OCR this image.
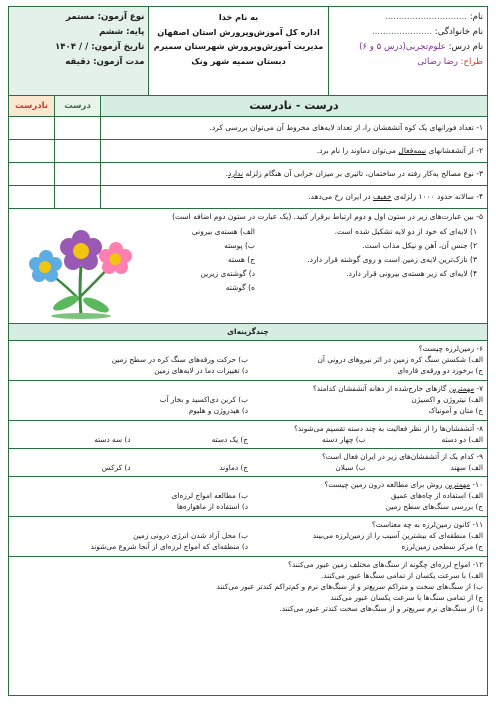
نام: ..............................
نام خانوادگی: ......................
نام درس: علوم‌تجربی(درس ۵ و ۶)
طراح: رضا رضائی
به نام خدا
اداره کل آموزش‌وپرورش استان اصفهان
مدیریت آموزش‌وپرورش شهرستان سمیرم
دبستان سمیه شهر ونک
نوع آزمون: مستمر
پایه: ششم
تاریخ آزمون: / / ۱۴۰۴
مدت آزمون: دقیقه
درست - نادرست
درست
نادرست
۱- تعداد فورانهای یک کوه آتشفشان را، از تعداد لایه‌های مخروط آن می‌توان بررسی کرد.
۲- از آتشفشانهای نیمه‌فعال می‌توان دماوند را نام برد.
۳- نوع مصالح به‌کار رفته در ساختمان، تاثیری بر میزان خرابی آن هنگام زلزله ندارد.
۴- سالانه حدود ۱۰۰۰ زلزله‌ی خفیف در ایران رخ می‌دهد.
۵- بین عبارت‌های زیر در ستون اول و دوم ارتباط برقرار کنید. (یک عبارت در ستون دوم اضافه است)
۱) لایه‌ای که خود از دو لایه تشکیل شده است.
۲) جنس آن، آهن و نیکل مذاب است.
۳) نازک‌ترین لایه‌ی زمین است و روی گوشته قرار دارد.
۴) لایه‌ای که زیر هسته‌ی بیرونی قرار دارد.
الف) هسته‌ی بیرونی
ب) پوسته
ج) هسته
د) گوشته‌ی زیرین
ه) گوشته
چندگزینه‌ای
۶- زمین‌لرزه چیست؟
الف) شکستن سنگ کره زمین در اثر نیروهای درونی آن
ب) حرکت ورقه‌های سنگ کره در سطح زمین
ج) برخورد دو ورقه‌ی قاره‌ای
د) تغییرات دما در لایه‌های زمین
۷- مهمترین گازهای خارج‌شده از دهانه آتشفشان کدامند؟
الف) نیتروژن و اکسیژن
ب) کربن دی‌اکسید و بخار آب
ج) متان و آمونیاک
د) هیدروژن و هلیوم
۸- آتشفشان‌ها را از نظر فعالیت به چند دسته تقسیم می‌شوند؟
الف) دو دسته
ب) چهار دسته
ج) یک دسته
د) سه دسته
۹- کدام یک از آتشفشان‌های زیر در ایران فعال است؟
الف) سهند
ب) سبلان
ج) دماوند
د) کرکس
۱۰- مهمترین روش برای مطالعه درون زمین چیست؟
الف) استفاده از چاه‌های عمیق
ب) مطالعه امواج لرزه‌ای
ج) بررسی سنگ‌های سطح زمین
د) استفاده از ماهواره‌ها
۱۱- کانون زمین‌لرزه به چه معناست؟
الف) منطقه‌ای که بیشترین آسیب را از زمین‌لرزه می‌بیند
ب) محل آزاد شدن انرژی درونی زمین
ج) مرکز سطحی زمین‌لرزه
د) منطقه‌ای که امواج لرزه‌ای از آنجا شروع می‌شوند
۱۲- امواج لرزه‌ای چگونه از سنگ‌های مختلف زمین عبور می‌کنند؟
الف) با سرعت یکسان از تمامی سنگ‌ها عبور می‌کنند.
ب) از سنگ‌های سخت و متراکم سریع‌تر و از سنگ‌های نرم و کم‌تراکم کندتر عبور می‌کنند
ج) از تمامی سنگ‌ها با سرعت یکسان عبور می‌کنند
د) از سنگ‌های نرم سریع‌تر و از سنگ‌های سخت کندتر عبور می‌کنند.
